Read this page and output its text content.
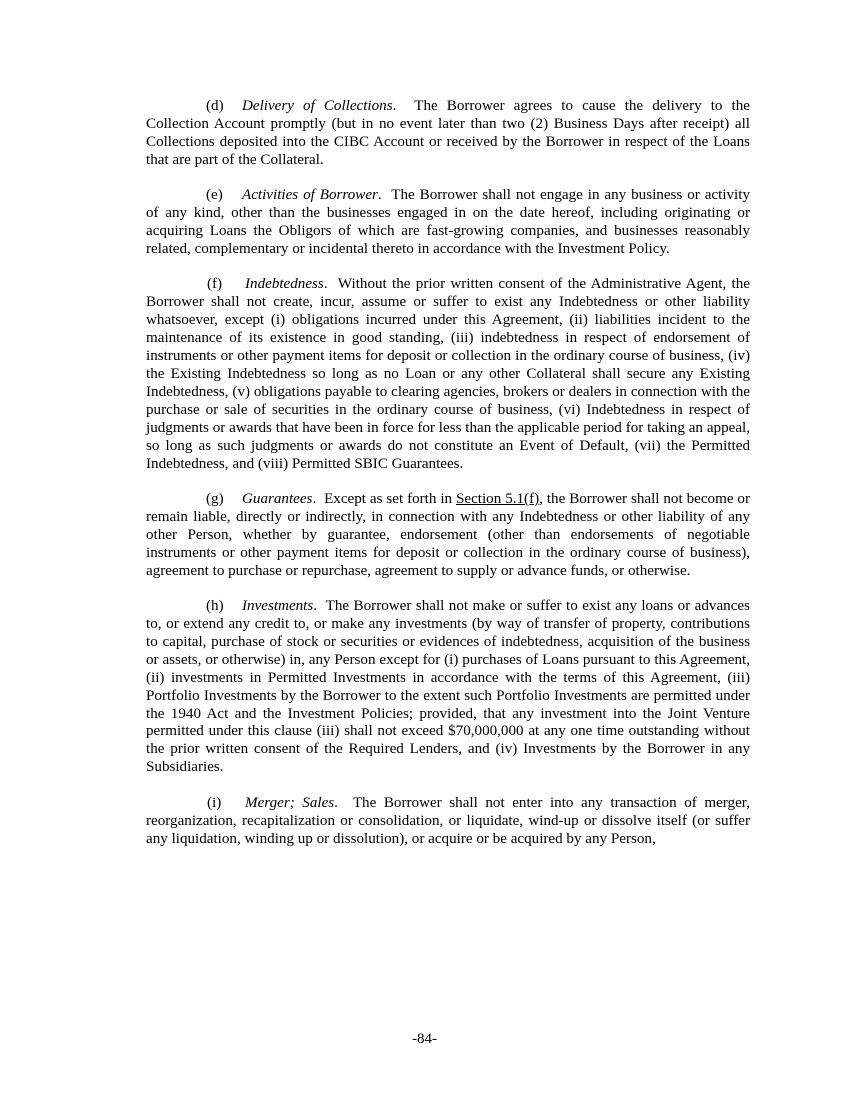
(d) Delivery of Collections.  The Borrower agrees to cause the delivery to the Collection Account promptly (but in no event later than two (2) Business Days after receipt) all Collections deposited into the CIBC Account or received by the Borrower in respect of the Loans that are part of the Collateral.

(e) Activities of Borrower.  The Borrower shall not engage in any business or activity of any kind, other than the businesses engaged in on the date hereof, including originating or acquiring Loans the Obligors of which are fast-growing companies, and businesses reasonably related, complementary or incidental thereto in accordance with the Investment Policy.

(f) Indebtedness.  Without the prior written consent of the Administrative Agent, the Borrower shall not create, incur, assume or suffer to exist any Indebtedness or other liability whatsoever, except (i) obligations incurred under this Agreement, (ii) liabilities incident to the maintenance of its existence in good standing, (iii) indebtedness in respect of endorsement of instruments or other payment items for deposit or collection in the ordinary course of business, (iv) the Existing Indebtedness so long as no Loan or any other Collateral shall secure any Existing Indebtedness, (v) obligations payable to clearing agencies, brokers or dealers in connection with the purchase or sale of securities in the ordinary course of business, (vi) Indebtedness in respect of judgments or awards that have been in force for less than the applicable period for taking an appeal, so long as such judgments or awards do not constitute an Event of Default, (vii) the Permitted Indebtedness, and (viii) Permitted SBIC Guarantees.

(g) Guarantees.  Except as set forth in Section 5.1(f), the Borrower shall not become or remain liable, directly or indirectly, in connection with any Indebtedness or other liability of any other Person, whether by guarantee, endorsement (other than endorsements of negotiable instruments or other payment items for deposit or collection in the ordinary course of business), agreement to purchase or repurchase, agreement to supply or advance funds, or otherwise.

(h) Investments.  The Borrower shall not make or suffer to exist any loans or advances to, or extend any credit to, or make any investments (by way of transfer of property, contributions to capital, purchase of stock or securities or evidences of indebtedness, acquisition of the business or assets, or otherwise) in, any Person except for (i) purchases of Loans pursuant to this Agreement, (ii) investments in Permitted Investments in accordance with the terms of this Agreement, (iii) Portfolio Investments by the Borrower to the extent such Portfolio Investments are permitted under the 1940 Act and the Investment Policies; provided, that any investment into the Joint Venture permitted under this clause (iii) shall not exceed $70,000,000 at any one time outstanding without the prior written consent of the Required Lenders, and (iv) Investments by the Borrower in any Subsidiaries.

(i) Merger; Sales.  The Borrower shall not enter into any transaction of merger, reorganization, recapitalization or consolidation, or liquidate, wind-up or dissolve itself (or suffer any liquidation, winding up or dissolution), or acquire or be acquired by any Person,

-84-
